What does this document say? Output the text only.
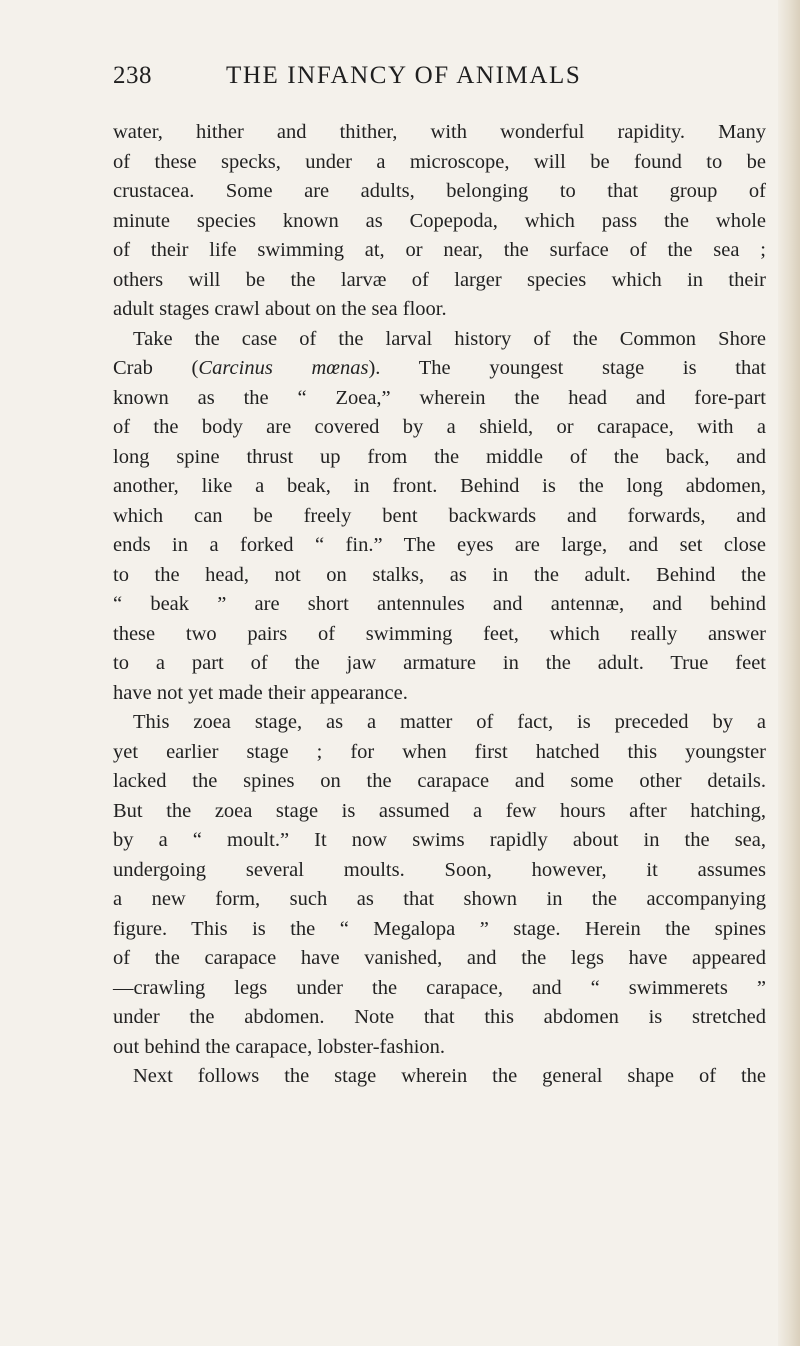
238	THE INFANCY OF ANIMALS
water, hither and thither, with wonderful rapidity. Many
of these specks, under a microscope, will be found to be
crustacea. Some are adults, belonging to that group of
minute species known as Copepoda, which pass the whole
of their life swimming at, or near, the surface of the sea ;
others will be the larvæ of larger species which in their
adult stages crawl about on the sea floor.
Take the case of the larval history of the Common Shore
Crab (Carcinus mœnas). The youngest stage is that
known as the “ Zoea,” wherein the head and fore-part
of the body are covered by a shield, or carapace, with a
long spine thrust up from the middle of the back, and
another, like a beak, in front. Behind is the long abdomen,
which can be freely bent backwards and forwards, and
ends in a forked “ fin.” The eyes are large, and set close
to the head, not on stalks, as in the adult. Behind the
“ beak ” are short antennules and antennæ, and behind
these two pairs of swimming feet, which really answer
to a part of the jaw armature in the adult. True feet
have not yet made their appearance.
This zoea stage, as a matter of fact, is preceded by a
yet earlier stage ; for when first hatched this youngster
lacked the spines on the carapace and some other details.
But the zoea stage is assumed a few hours after hatching,
by a “ moult.” It now swims rapidly about in the sea,
undergoing several moults. Soon, however, it assumes
a new form, such as that shown in the accompanying
figure. This is the “ Megalopa ” stage. Herein the spines
of the carapace have vanished, and the legs have appeared
—crawling legs under the carapace, and “ swimmerets ”
under the abdomen. Note that this abdomen is stretched
out behind the carapace, lobster-fashion.
Next follows the stage wherein the general shape of the
